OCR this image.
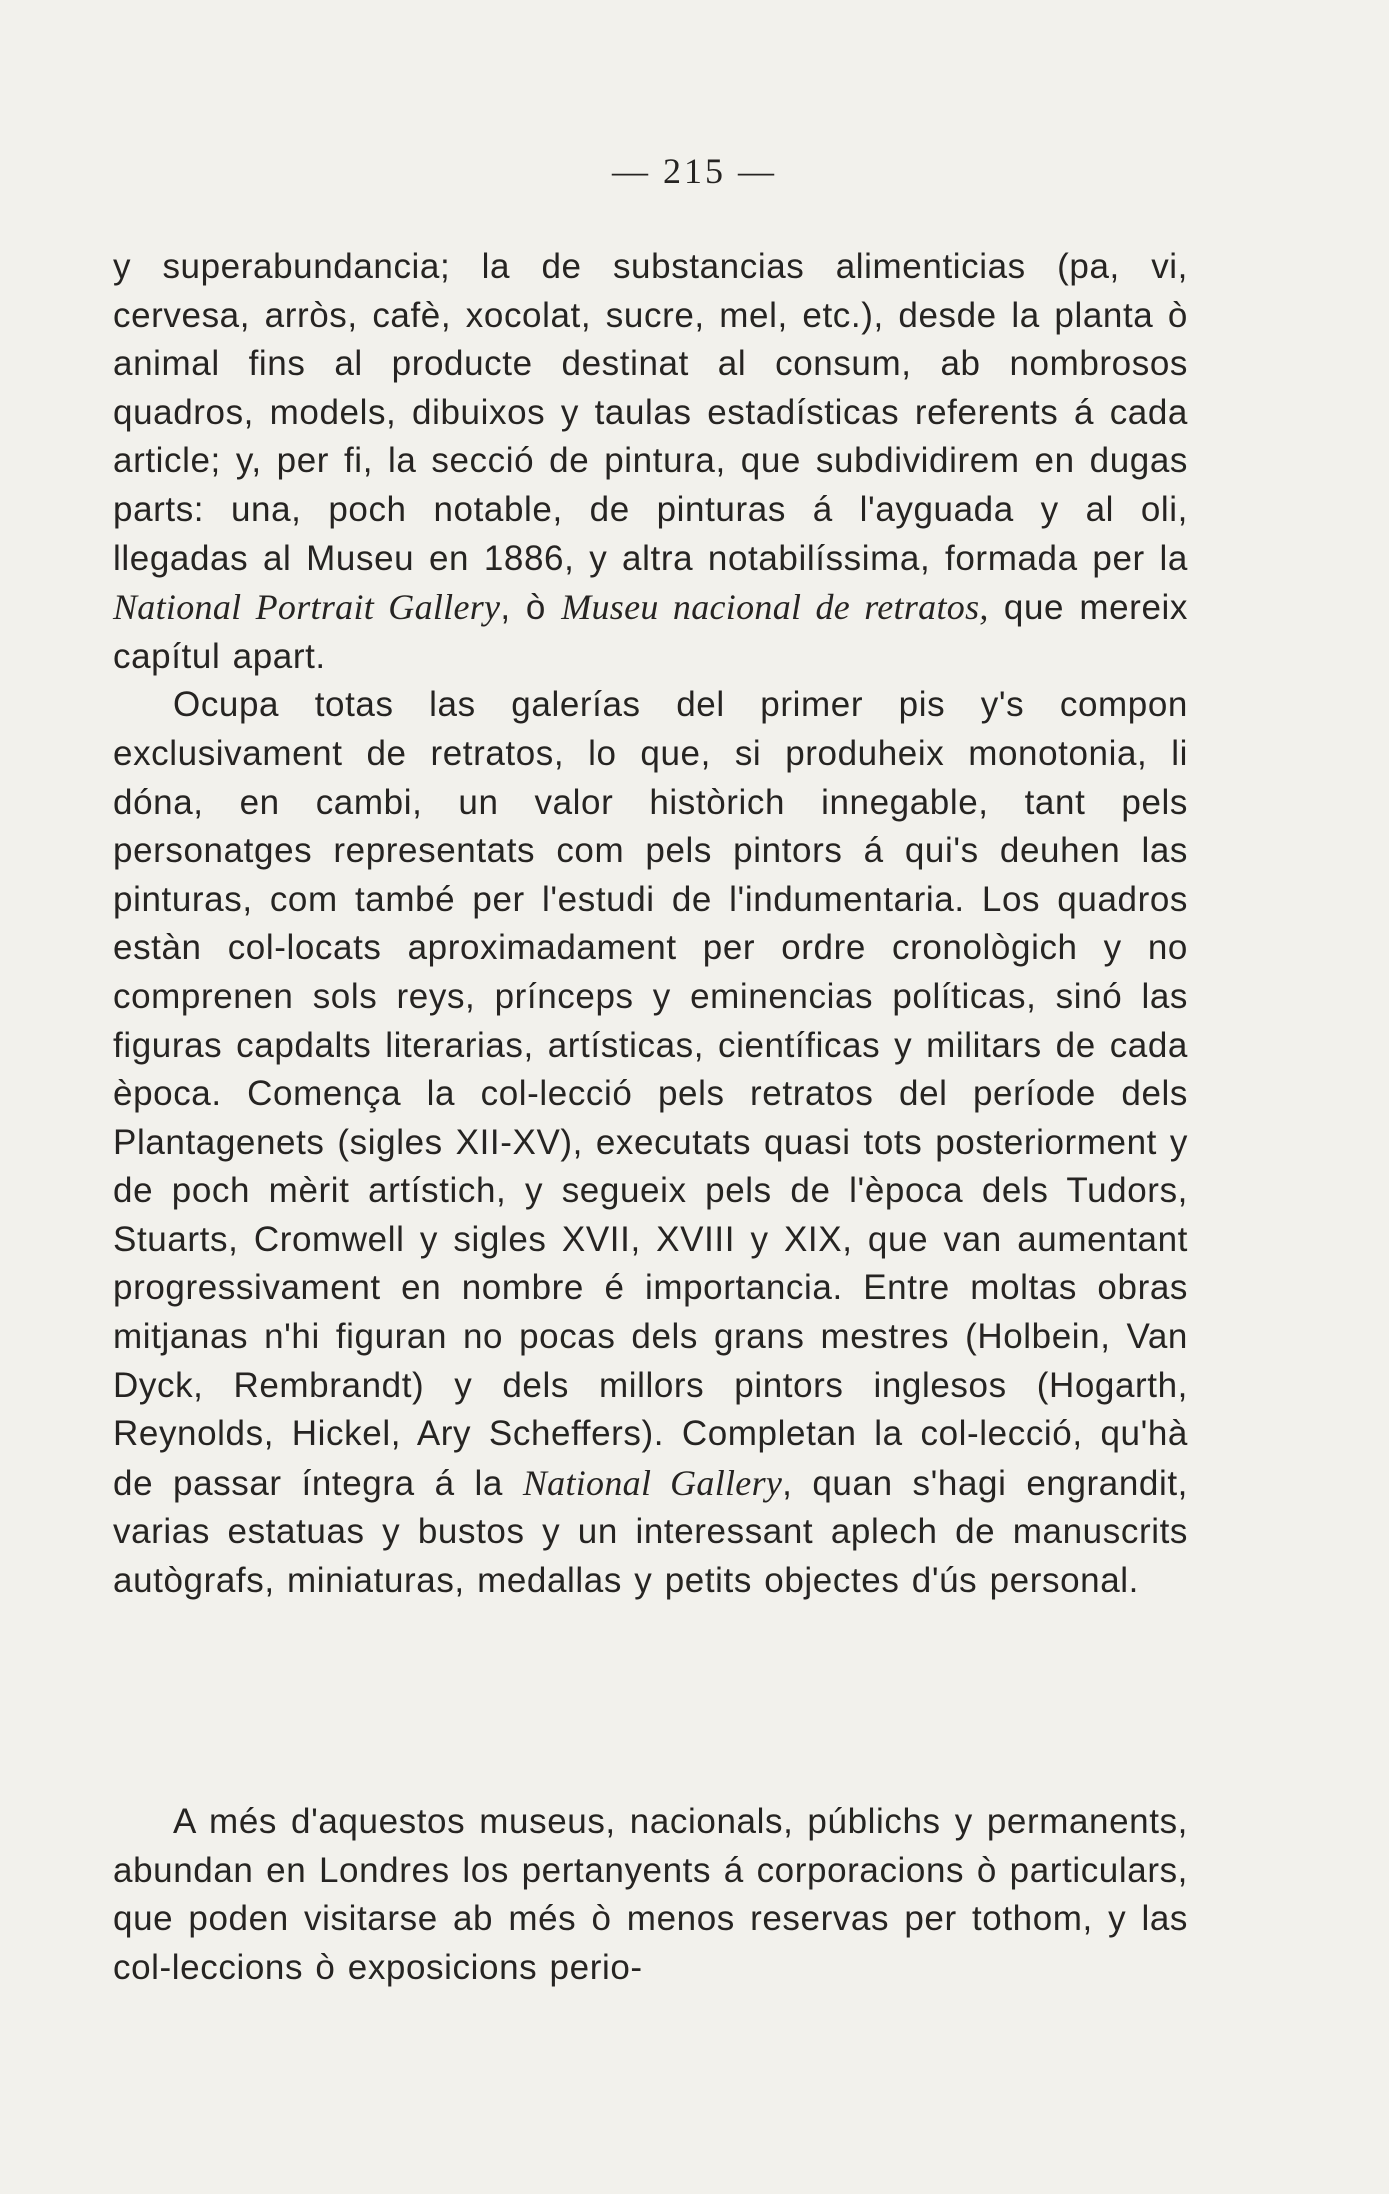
— 215 —

y superabundancia; la de substancias alimenticias (pa, vi, cervesa, arròs, cafè, xocolat, sucre, mel, etc.), desde la planta ò animal fins al producte destinat al consum, ab nombrosos quadros, models, dibuixos y taulas estadísticas referents á cada article; y, per fi, la secció de pintura, que subdividirem en dugas parts: una, poch notable, de pinturas á l'ayguada y al oli, llegadas al Museu en 1886, y altra notabilíssima, formada per la National Portrait Gallery, ò Museu nacional de retratos, que mereix capítul apart.

Ocupa totas las galerías del primer pis y's compon exclusivament de retratos, lo que, si produheix monotonia, li dóna, en cambi, un valor històrich innegable, tant pels personatges representats com pels pintors á qui's deuhen las pinturas, com també per l'estudi de l'indumentaria. Los quadros estàn col-locats aproximadament per ordre cronològich y no comprenen sols reys, prínceps y eminencias políticas, sinó las figuras capdalts literarias, artísticas, científicas y militars de cada època. Comença la col-lecció pels retratos del període dels Plantagenets (sigles XII-XV), executats quasi tots posteriorment y de poch mèrit artístich, y segueix pels de l'època dels Tudors, Stuarts, Cromwell y sigles XVII, XVIII y XIX, que van aumentant progressivament en nombre é importancia. Entre moltas obras mitjanas n'hi figuran no pocas dels grans mestres (Holbein, Van Dyck, Rembrandt) y dels millors pintors inglesos (Hogarth, Reynolds, Hickel, Ary Scheffers). Completan la col-lecció, qu'hà de passar íntegra á la National Gallery, quan s'hagi engrandit, varias estatuas y bustos y un interessant aplech de manuscrits autògrafs, miniaturas, medallas y petits objectes d'ús personal.

A més d'aquestos museus, nacionals, públichs y permanents, abundan en Londres los pertanyents á corporacions ò particulars, que poden visitarse ab més ò menos reservas per tothom, y las col-leccions ò exposicions perio-
